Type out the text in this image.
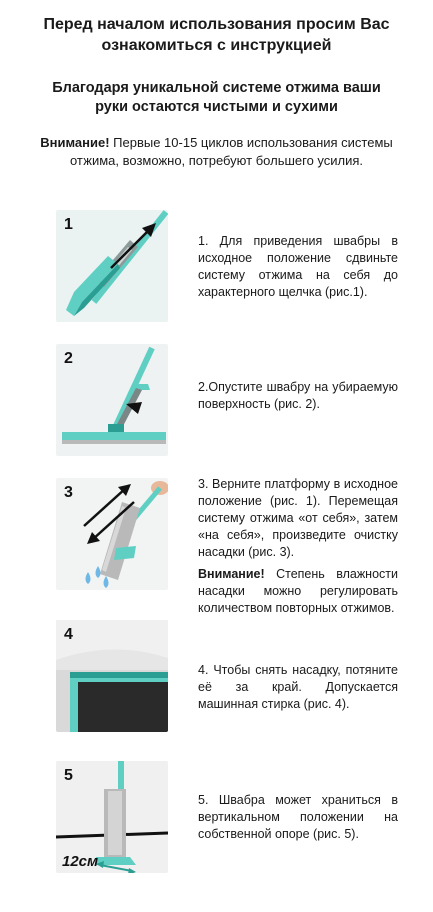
Перед началом использования просим Вас
ознакомиться с инструкцией
Благодаря уникальной системе отжима ваши
руки остаются чистыми и сухими
Внимание! Первые 10-15 циклов использования системы отжима, возможно, потребуют большего усилия.
1

1. Для приведения швабры в исходное положение сдвиньте систему отжима на себя до характерного щелчка (рис.1).

2

2.Опустите швабру на убираемую поверхность (рис. 2).

3	3. Верните платформу в исходное положение (рис. 1). Перемещая систему отжима «от себя», затем «на себя», произведите очистку насадки (рис. 3).

Внимание! Степень влажности насадки можно регулировать количеством повторных отжимов.

4

4. Чтобы снять насадку, потяните её за край. Допускается машинная стирка (рис. 4).

5
12см

5. Швабра может храниться в вертикальном положении на собственной опоре (рис. 5).
